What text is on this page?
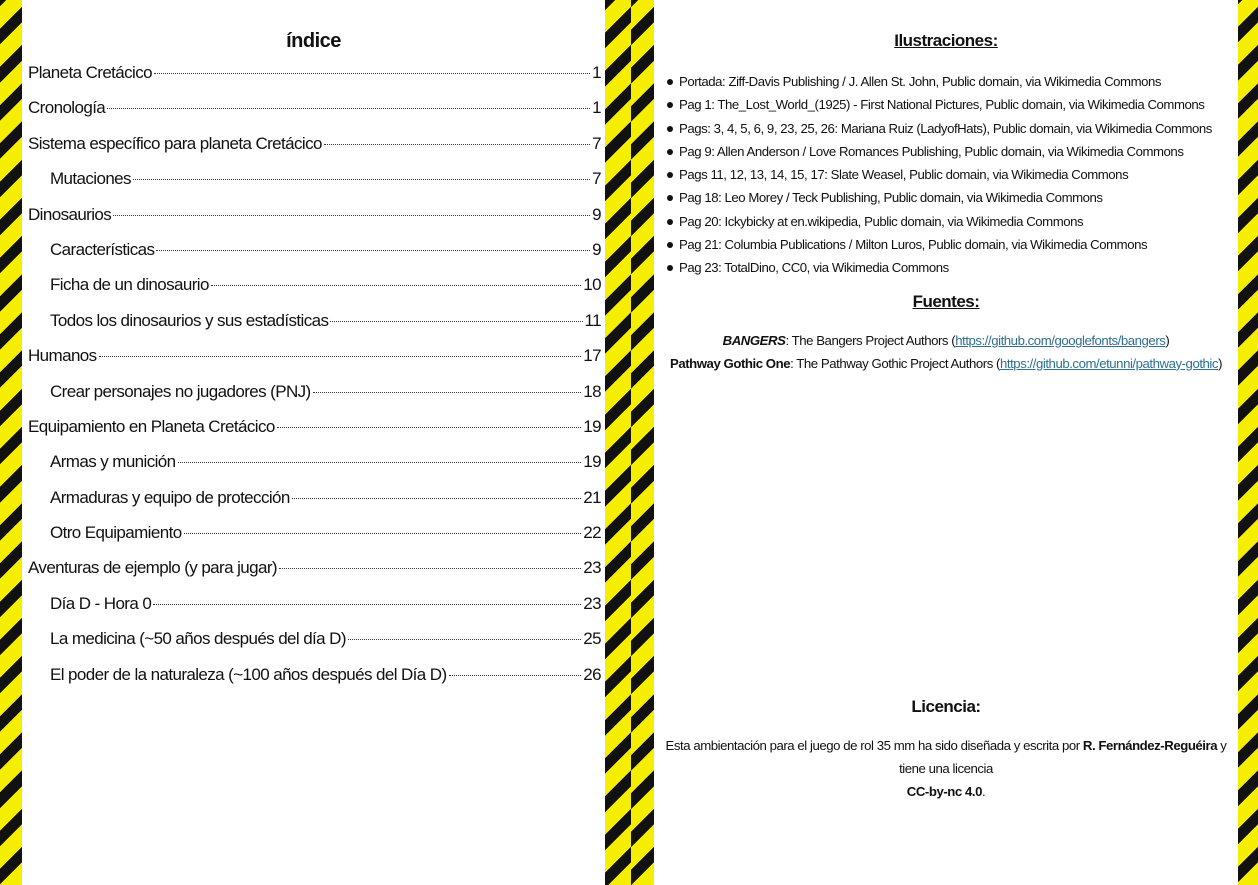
índice
Planeta Cretácico	1
Cronología	1
Sistema específico para planeta Cretácico	7
Mutaciones	7
Dinosaurios	9
Características	9
Ficha de un dinosaurio	10
Todos los dinosaurios y sus estadísticas	11
Humanos	17
Crear personajes no jugadores (PNJ)	18
Equipamiento en Planeta Cretácico	19
Armas y munición	19
Armaduras y equipo de protección	21
Otro Equipamiento	22
Aventuras de ejemplo (y para jugar)	23
Día D - Hora 0	23
La medicina (~50 años después del día D)	25
El poder de la naturaleza (~100 años después del Día D)	26
Ilustraciones:
Portada: Ziff-Davis Publishing / J. Allen St. John, Public domain, via Wikimedia Commons
Pag 1: The_Lost_World_(1925) - First National Pictures, Public domain, via Wikimedia Commons
Pags: 3, 4, 5, 6, 9, 23, 25, 26: Mariana Ruiz (LadyofHats), Public domain, via Wikimedia Commons
Pag 9: Allen Anderson / Love Romances Publishing, Public domain, via Wikimedia Commons
Pags 11, 12, 13, 14, 15, 17: Slate Weasel, Public domain, via Wikimedia Commons
Pag 18: Leo Morey / Teck Publishing, Public domain, via Wikimedia Commons
Pag 20: Ickybicky at en.wikipedia, Public domain, via Wikimedia Commons
Pag 21: Columbia Publications / Milton Luros, Public domain, via Wikimedia Commons
Pag 23: TotalDino, CC0, via Wikimedia Commons
Fuentes:
BANGERS: The Bangers Project Authors (https://github.com/googlefonts/bangers)
Pathway Gothic One: The Pathway Gothic Project Authors (https://github.com/etunni/pathway-gothic)
Licencia:
Esta ambientación para el juego de rol 35 mm ha sido diseñada y escrita por R. Fernández-Reguéira y tiene una licencia
CC-by-nc 4.0.
